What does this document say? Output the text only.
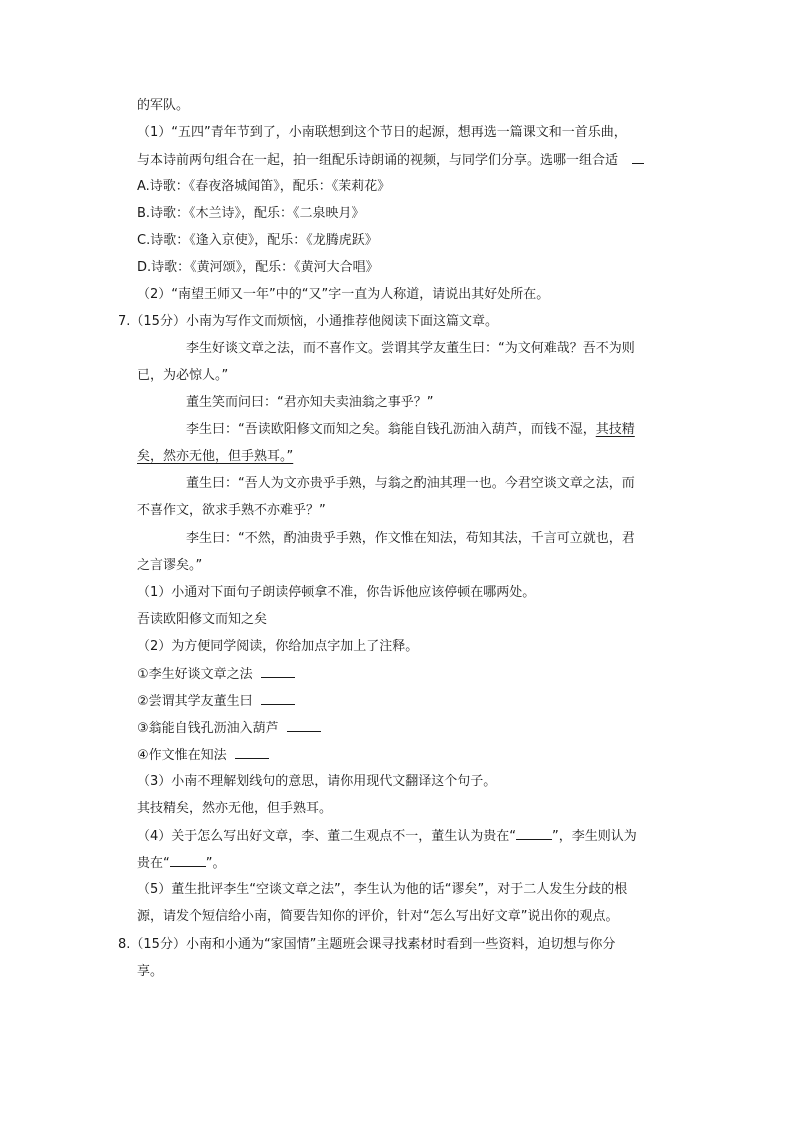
的军队。
（1）“五四”青年节到了，小南联想到这个节日的起源，想再选一篇课文和一首乐曲，
与本诗前两句组合在一起，拍一组配乐诗朗诵的视频，与同学们分享。选哪一组合适
A.诗歌：《春夜洛城闻笛》，配乐：《茉莉花》
B.诗歌：《木兰诗》，配乐：《二泉映月》
C.诗歌：《逢入京使》，配乐：《龙腾虎跃》
D.诗歌：《黄河颂》，配乐：《黄河大合唱》
（2）“南望王师又一年”中的“又”字一直为人称道，请说出其好处所在。
7.（15分）小南为写作文而烦恼，小通推荐他阅读下面这篇文章。
李生好谈文章之法，而不喜作文。尝谓其学友董生曰：“为文何难哉？吾不为则
已，为必惊人。”
董生笑而问曰：“君亦知夫卖油翁之事乎？”
李生曰：“吾读欧阳修文而知之矣。翁能自钱孔沥油入葫芦，而钱不湿，其技精
矣，然亦无他，但手熟耳。”
董生曰：“吾人为文亦贵乎手熟，与翁之酌油其理一也。今君空谈文章之法，而
不喜作文，欲求手熟不亦难乎？”
李生曰：“不然，酌油贵乎手熟，作文惟在知法，苟知其法，千言可立就也，君
之言谬矣。”
（1）小通对下面句子朗读停顿拿不准，你告诉他应该停顿在哪两处。
吾读欧阳修文而知之矣
（2）为方便同学阅读，你给加点字加上了注释。
①李生好谈文章之法
②尝谓其学友董生曰
③翁能自钱孔沥油入葫芦
④作文惟在知法
（3）小南不理解划线句的意思，请你用现代文翻译这个句子。
其技精矣，然亦无他，但手熟耳。
（4）关于怎么写出好文章，李、董二生观点不一，董生认为贵在“	”，李生则认为
贵在“	”。
（5）董生批评李生“空谈文章之法”，李生认为他的话“谬矣”，对于二人发生分歧的根
源，请发个短信给小南，简要告知你的评价，针对“怎么写出好文章”说出你的观点。
8.（15分）小南和小通为“家国情”主题班会课寻找素材时看到一些资料，迫切想与你分
享。
